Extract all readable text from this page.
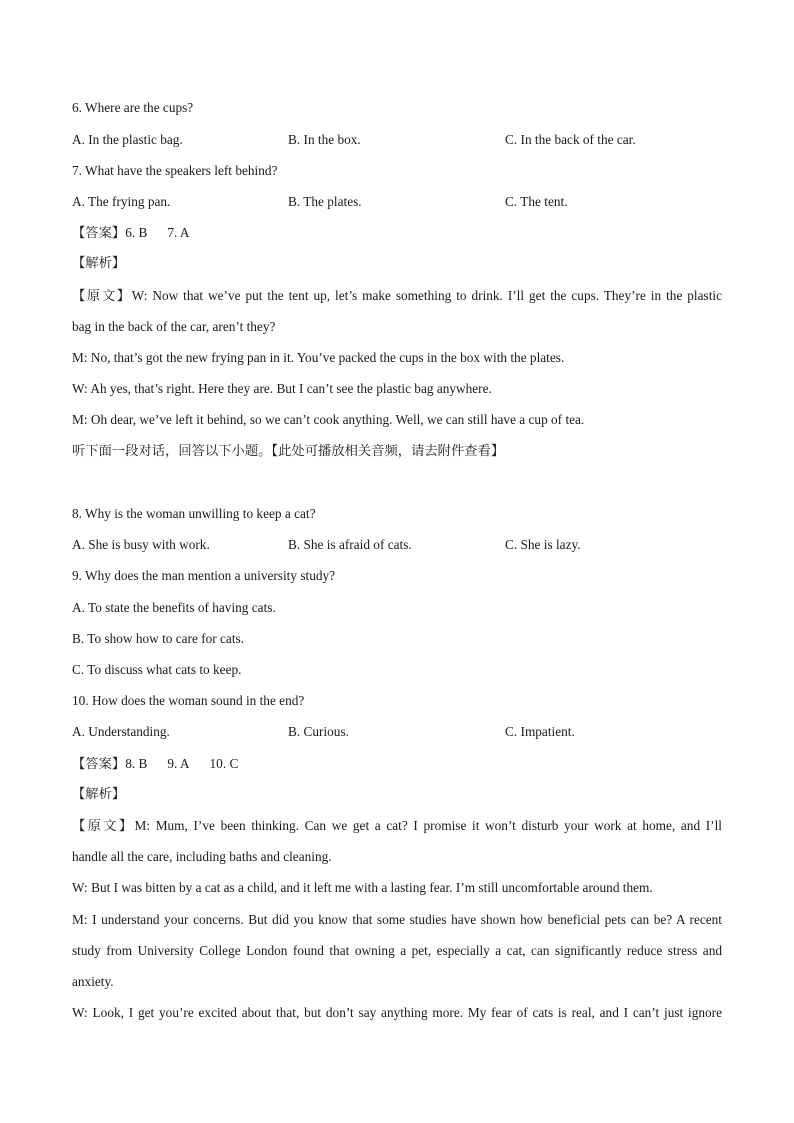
6. Where are the cups?
A. In the plastic bag.	B. In the box.	C. In the back of the car.
7. What have the speakers left behind?
A. The frying pan.	B. The plates.	C. The tent.
【答案】6. B 7. A
【解析】
【原文】W: Now that we’ve put the tent up, let’s make something to drink. I’ll get the cups. They’re in the plastic
bag in the back of the car, aren’t they?
M: No, that’s got the new frying pan in it. You’ve packed the cups in the box with the plates.
W: Ah yes, that’s right. Here they are. But I can’t see the plastic bag anywhere.
M: Oh dear, we’ve left it behind, so we can’t cook anything. Well, we can still have a cup of tea.
听下面一段对话，回答以下小题。【此处可播放相关音频，请去附件查看】
8. Why is the woman unwilling to keep a cat?
A. She is busy with work.	B. She is afraid of cats.	C. She is lazy.
9. Why does the man mention a university study?
A. To state the benefits of having cats.
B. To show how to care for cats.
C. To discuss what cats to keep.
10. How does the woman sound in the end?
A. Understanding.	B. Curious.	C. Impatient.
【答案】8. B 9. A 10. C
【解析】
【原文】M: Mum, I’ve been thinking. Can we get a cat? I promise it won’t disturb your work at home, and I’ll
handle all the care, including baths and cleaning.
W: But I was bitten by a cat as a child, and it left me with a lasting fear. I’m still uncomfortable around them.
M: I understand your concerns. But did you know that some studies have shown how beneficial pets can be? A recent
study from University College London found that owning a pet, especially a cat, can significantly reduce stress and
anxiety.
W: Look, I get you’re excited about that, but don’t say anything more. My fear of cats is real, and I can’t just ignore
